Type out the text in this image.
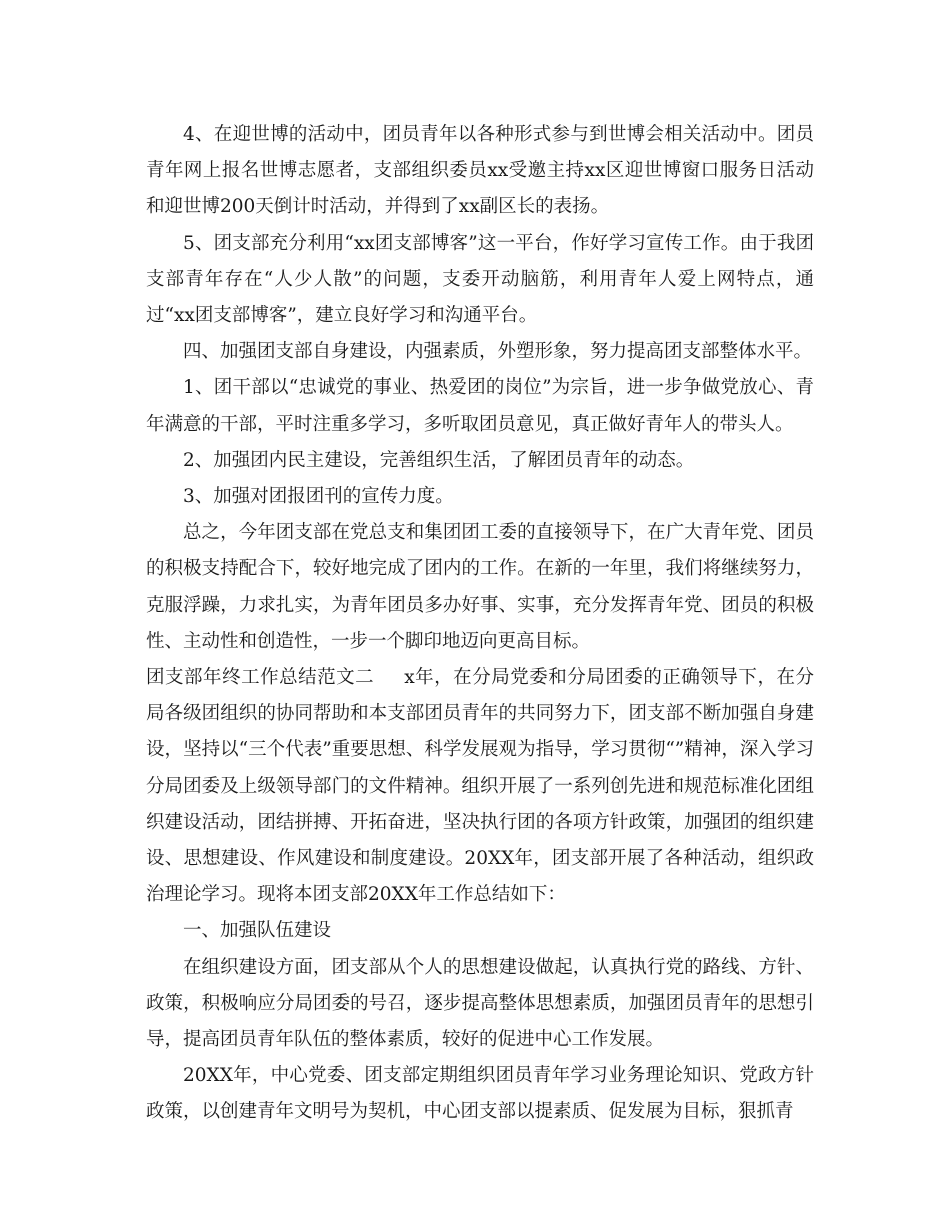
4、在迎世博的活动中，团员青年以各种形式参与到世博会相关活动中。团员青年网上报名世博志愿者，支部组织委员xx受邀主持xx区迎世博窗口服务日活动和迎世博200天倒计时活动，并得到了xx副区长的表扬。

5、团支部充分利用“xx团支部博客”这一平台，作好学习宣传工作。由于我团支部青年存在“人少人散”的问题，支委开动脑筋，利用青年人爱上网特点，通过“xx团支部博客”，建立良好学习和沟通平台。

四、加强团支部自身建设，内强素质，外塑形象，努力提高团支部整体水平。

1、团干部以“忠诚党的事业、热爱团的岗位”为宗旨，进一步争做党放心、青年满意的干部，平时注重多学习，多听取团员意见，真正做好青年人的带头人。

2、加强团内民主建设，完善组织生活，了解团员青年的动态。

3、加强对团报团刊的宣传力度。

总之，今年团支部在党总支和集团团工委的直接领导下，在广大青年党、团员的积极支持配合下，较好地完成了团内的工作。在新的一年里，我们将继续努力，克服浮躁，力求扎实，为青年团员多办好事、实事，充分发挥青年党、团员的积极性、主动性和创造性，一步一个脚印地迈向更高目标。

团支部年终工作总结范文二 x年，在分局党委和分局团委的正确领导下，在分局各级团组织的协同帮助和本支部团员青年的共同努力下，团支部不断加强自身建设，坚持以“三个代表”重要思想、科学发展观为指导，学习贯彻“”精神，深入学习分局团委及上级领导部门的文件精神。组织开展了一系列创先进和规范标准化团组织建设活动，团结拼搏、开拓奋进，坚决执行团的各项方针政策，加强团的组织建设、思想建设、作风建设和制度建设。20XX年，团支部开展了各种活动，组织政治理论学习。现将本团支部20XX年工作总结如下：

一、加强队伍建设

在组织建设方面，团支部从个人的思想建设做起，认真执行党的路线、方针、政策，积极响应分局团委的号召，逐步提高整体思想素质，加强团员青年的思想引导，提高团员青年队伍的整体素质，较好的促进中心工作发展。

20XX年，中心党委、团支部定期组织团员青年学习业务理论知识、党政方针政策，以创建青年文明号为契机，中心团支部以提素质、促发展为目标，狠抓青
